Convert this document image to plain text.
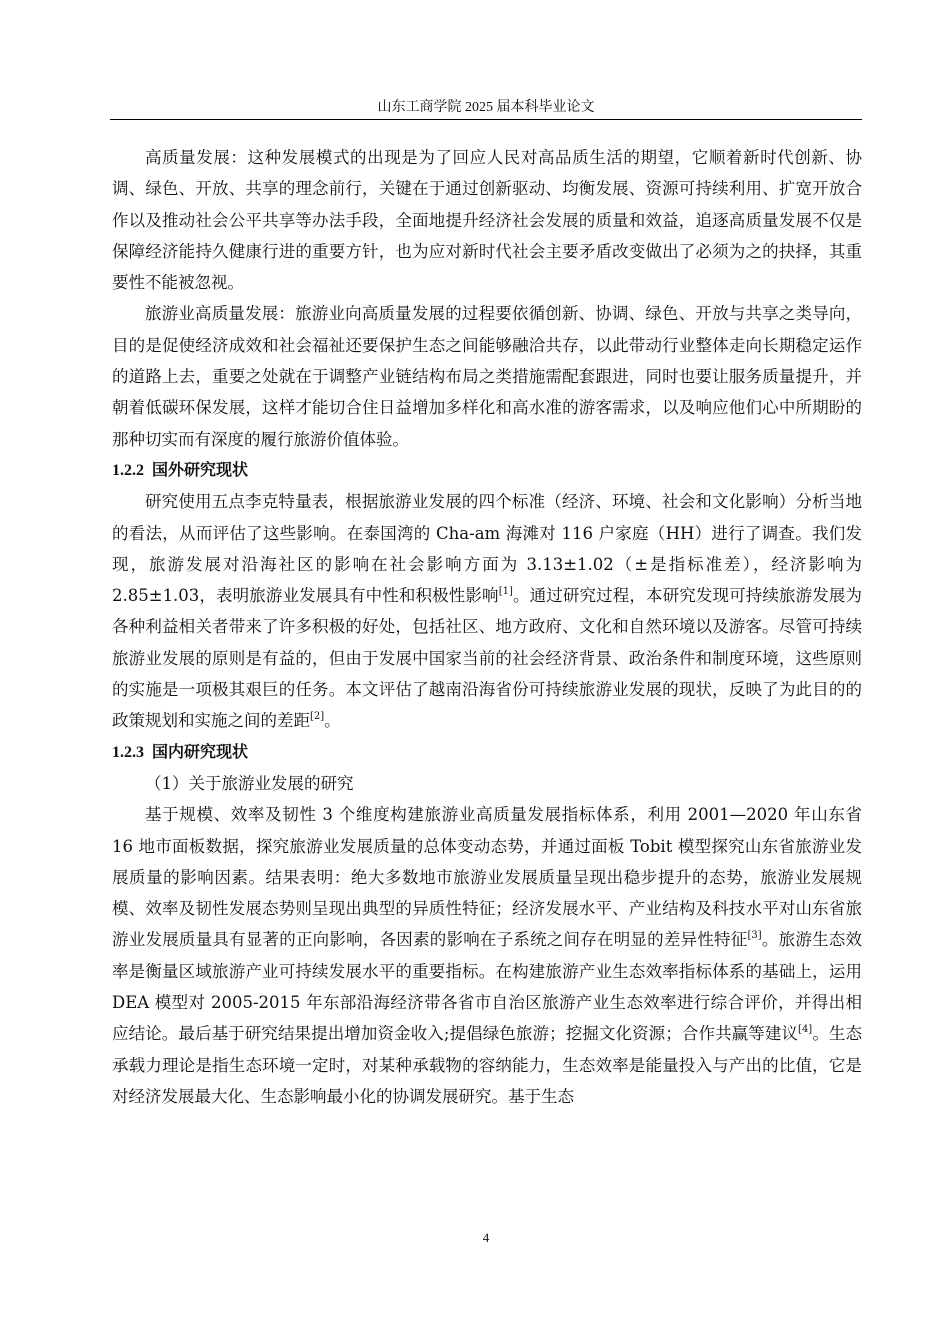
山东工商学院 2025 届本科毕业论文

高质量发展：这种发展模式的出现是为了回应人民对高品质生活的期望，它顺着新时代创新、协调、绿色、开放、共享的理念前行，关键在于通过创新驱动、均衡发展、资源可持续利用、扩宽开放合作以及推动社会公平共享等办法手段，全面地提升经济社会发展的质量和效益，追逐高质量发展不仅是保障经济能持久健康行进的重要方针，也为应对新时代社会主要矛盾改变做出了必须为之的抉择，其重要性不能被忽视。

旅游业高质量发展：旅游业向高质量发展的过程要依循创新、协调、绿色、开放与共享之类导向，目的是促使经济成效和社会福祉还要保护生态之间能够融洽共存，以此带动行业整体走向长期稳定运作的道路上去，重要之处就在于调整产业链结构布局之类措施需配套跟进，同时也要让服务质量提升，并朝着低碳环保发展，这样才能切合住日益增加多样化和高水准的游客需求，以及响应他们心中所期盼的那种切实而有深度的履行旅游价值体验。

1.2.2 国外研究现状

研究使用五点李克特量表，根据旅游业发展的四个标准（经济、环境、社会和文化影响）分析当地的看法，从而评估了这些影响。在泰国湾的 Cha-am 海滩对 116 户家庭（HH）进行了调查。我们发现，旅游发展对沿海社区的影响在社会影响方面为 3.13±1.02（±是指标准差），经济影响为 2.85±1.03，表明旅游业发展具有中性和积极性影响[1]。通过研究过程，本研究发现可持续旅游发展为各种利益相关者带来了许多积极的好处，包括社区、地方政府、文化和自然环境以及游客。尽管可持续旅游业发展的原则是有益的，但由于发展中国家当前的社会经济背景、政治条件和制度环境，这些原则的实施是一项极其艰巨的任务。本文评估了越南沿海省份可持续旅游业发展的现状，反映了为此目的的政策规划和实施之间的差距[2]。

1.2.3 国内研究现状

（1）关于旅游业发展的研究

基于规模、效率及韧性 3 个维度构建旅游业高质量发展指标体系，利用 2001—2020 年山东省 16 地市面板数据，探究旅游业发展质量的总体变动态势，并通过面板 Tobit 模型探究山东省旅游业发展质量的影响因素。结果表明：绝大多数地市旅游业发展质量呈现出稳步提升的态势，旅游业发展规模、效率及韧性发展态势则呈现出典型的异质性特征；经济发展水平、产业结构及科技水平对山东省旅游业发展质量具有显著的正向影响，各因素的影响在子系统之间存在明显的差异性特征[3]。旅游生态效率是衡量区域旅游产业可持续发展水平的重要指标。在构建旅游产业生态效率指标体系的基础上，运用 DEA 模型对 2005-2015 年东部沿海经济带各省市自治区旅游产业生态效率进行综合评价，并得出相应结论。最后基于研究结果提出增加资金收入;提倡绿色旅游；挖掘文化资源；合作共赢等建议[4]。生态承载力理论是指生态环境一定时，对某种承载物的容纳能力，生态效率是能量投入与产出的比值，它是对经济发展最大化、生态影响最小化的协调发展研究。基于生态

4
